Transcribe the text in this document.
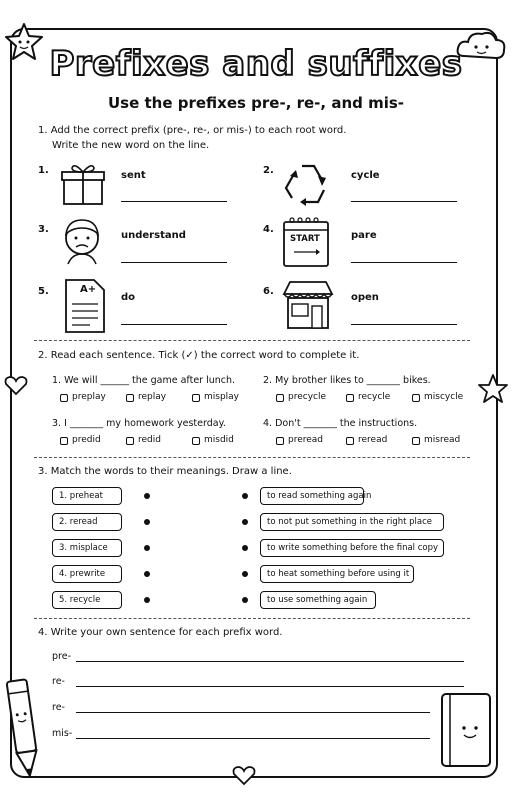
Prefixes and suffixes
Use the prefixes pre-, re-, and mis-
1. Add the correct prefix (pre-, re-, or mis-) to each root word.
Write the new word on the line.
1.	sent	2.	cycle
3.
understand
4.
START	pare
5.	A+
do
6.
open
2. Read each sentence. Tick (✓) the correct word to complete it.
1. We will ______ the game after lunch.
preplay	replay	misplay
2. My brother likes to _______ bikes.
precycle	recycle	miscycle
3. I _______ my homework yesterday.
predid	redid	misdid
4. Don't _______ the instructions.
preread	reread	misread
3. Match the words to their meanings. Draw a line.
1. preheat	to read something again
2. reread	to not put something in the right place
3. misplace	to write something before the final copy
4. prewrite	to heat something before using it
5. recycle	to use something again
4. Write your own sentence for each prefix word.
pre-
re-
re-
mis-
